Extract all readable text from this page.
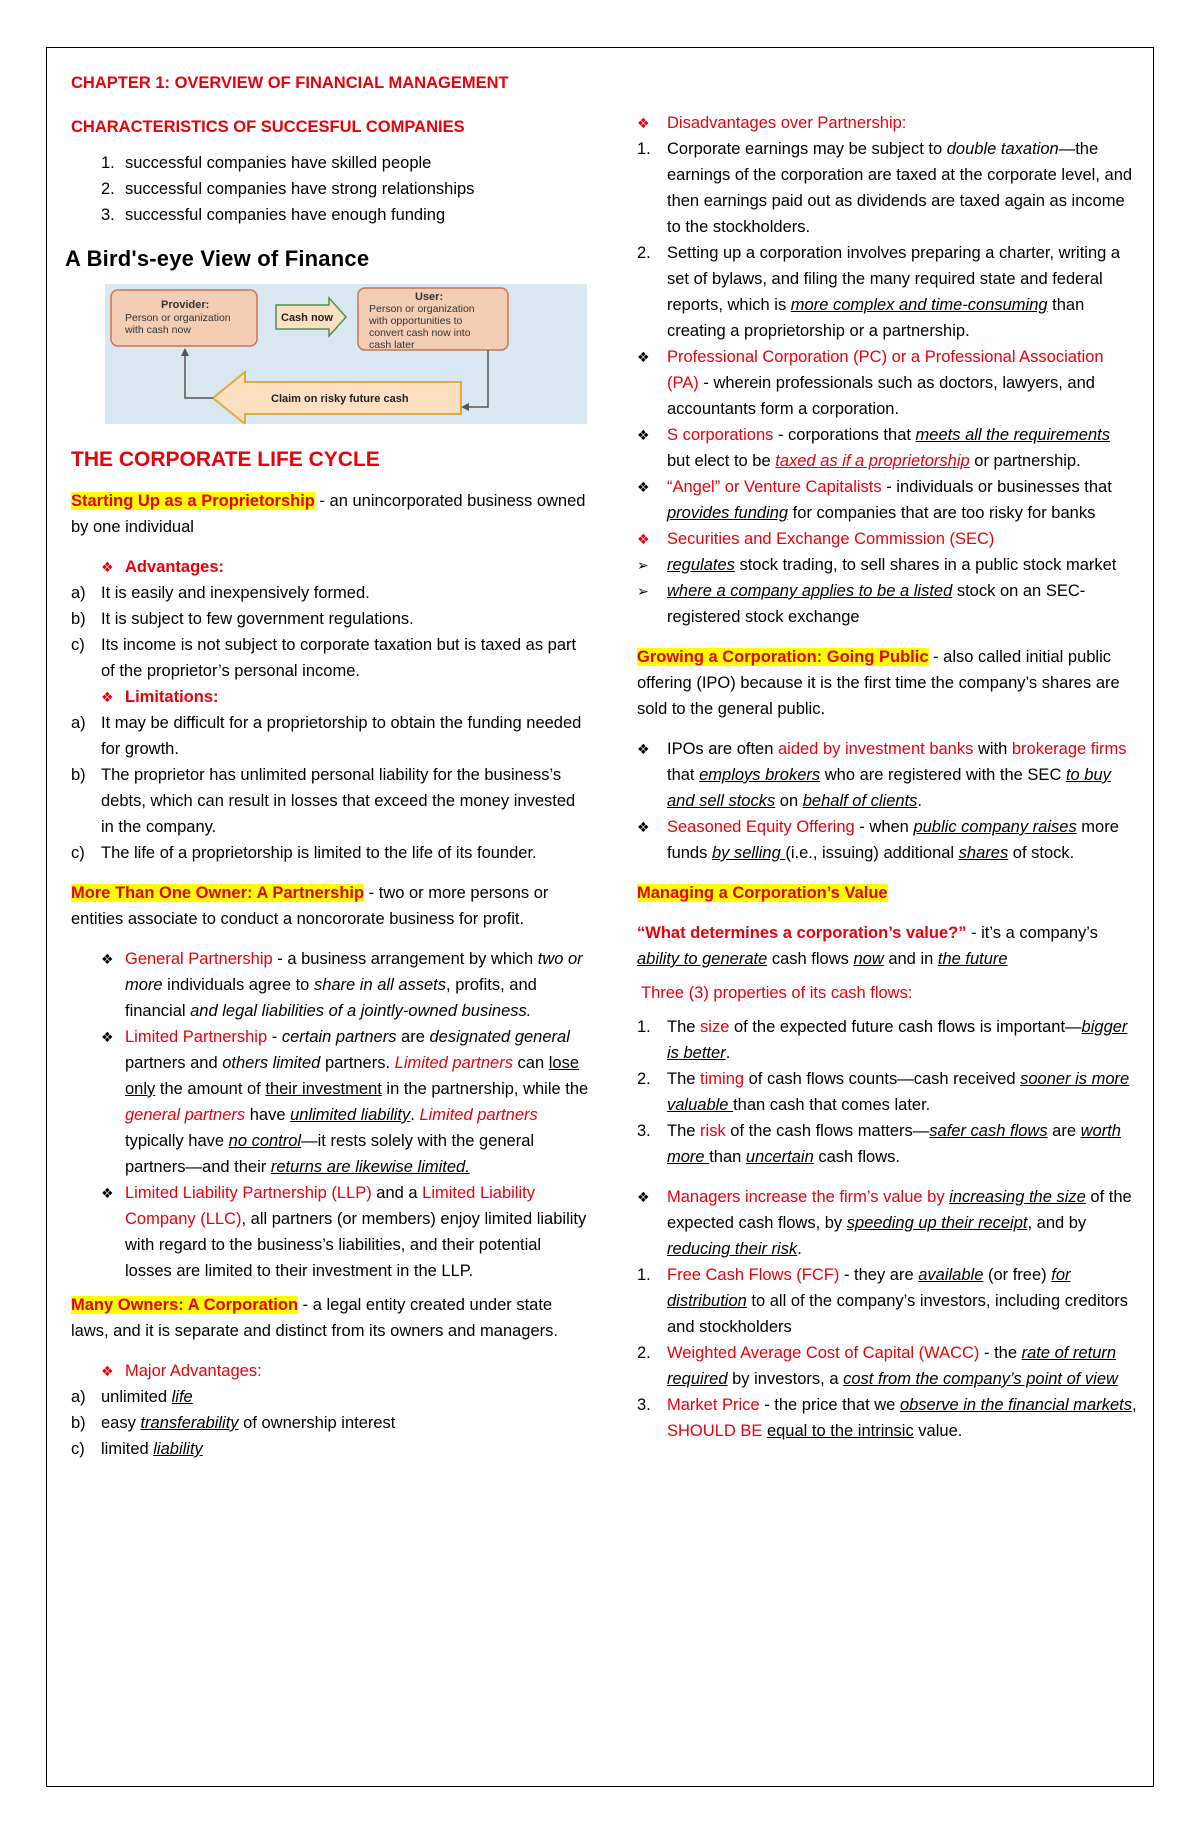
CHAPTER 1: OVERVIEW OF FINANCIAL MANAGEMENT

CHARACTERISTICS OF SUCCESFUL COMPANIES

1. successful companies have skilled people
2. successful companies have strong relationships
3. successful companies have enough funding

A Bird's-eye View of Finance

Provider:
Person or organization
with cash now
Cash now
User:
Person or organization
with opportunities to
convert cash now into
cash later
Claim on risky future cash

THE CORPORATE LIFE CYCLE

Starting Up as a Proprietorship - an unincorporated business owned by one individual

❖ Advantages:
a) It is easily and inexpensively formed.
b) It is subject to few government regulations.
c) Its income is not subject to corporate taxation but is taxed as part of the proprietor’s personal income.
❖ Limitations:
a) It may be difficult for a proprietorship to obtain the funding needed for growth.
b) The proprietor has unlimited personal liability for the business’s debts, which can result in losses that exceed the money invested in the company.
c) The life of a proprietorship is limited to the life of its founder.

More Than One Owner: A Partnership - two or more persons or entities associate to conduct a noncororate business for profit.

❖ General Partnership - a business arrangement by which two or more individuals agree to share in all assets, profits, and financial and legal liabilities of a jointly-owned business.
❖ Limited Partnership - certain partners are designated general partners and others limited partners. Limited partners can lose only the amount of their investment in the partnership, while the general partners have unlimited liability. Limited partners typically have no control—it rests solely with the general partners—and their returns are likewise limited.
❖ Limited Liability Partnership (LLP) and a Limited Liability Company (LLC), all partners (or members) enjoy limited liability with regard to the business’s liabilities, and their potential losses are limited to their investment in the LLP.

Many Owners: A Corporation - a legal entity created under state laws, and it is separate and distinct from its owners and managers.

❖ Major Advantages:
a) unlimited life
b) easy transferability of ownership interest
c) limited liability
❖	Disadvantages over Partnership:
1. Corporate earnings may be subject to double taxation—the earnings of the corporation are taxed at the corporate level, and then earnings paid out as dividends are taxed again as income to the stockholders.
2. Setting up a corporation involves preparing a charter, writing a set of bylaws, and filing the many required state and federal reports, which is more complex and time-consuming than creating a proprietorship or a partnership.
❖	Professional Corporation (PC) or a Professional Association (PA) - wherein professionals such as doctors, lawyers, and accountants form a corporation.
❖	S corporations - corporations that meets all the requirements but elect to be taxed as if a proprietorship or partnership.
❖	“Angel” or Venture Capitalists - individuals or businesses that provides funding for companies that are too risky for banks
❖	Securities and Exchange Commission (SEC)
➢	regulates stock trading, to sell shares in a public stock market
➢	where a company applies to be a listed stock on an SEC-registered stock exchange

Growing a Corporation: Going Public - also called initial public offering (IPO) because it is the first time the company’s shares are sold to the general public.

❖	IPOs are often aided by investment banks with brokerage firms that employs brokers who are registered with the SEC to buy and sell stocks on behalf of clients.
❖	Seasoned Equity Offering - when public company raises more funds by selling (i.e., issuing) additional shares of stock.

Managing a Corporation’s Value

“What determines a corporation’s value?” - it’s a company’s ability to generate cash flows now and in the future

Three (3) properties of its cash flows:

1. The size of the expected future cash flows is important—bigger is better.
2. The timing of cash flows counts—cash received sooner is more valuable than cash that comes later.
3. The risk of the cash flows matters—safer cash flows are worth more than uncertain cash flows.
❖	Managers increase the firm’s value by increasing the size of the expected cash flows, by speeding up their receipt, and by reducing their risk.
1. Free Cash Flows (FCF) - they are available (or free) for distribution to all of the company’s investors, including creditors and stockholders
2. Weighted Average Cost of Capital (WACC) - the rate of return required by investors, a cost from the company’s point of view
3. Market Price - the price that we observe in the financial markets, SHOULD BE equal to the intrinsic value.
